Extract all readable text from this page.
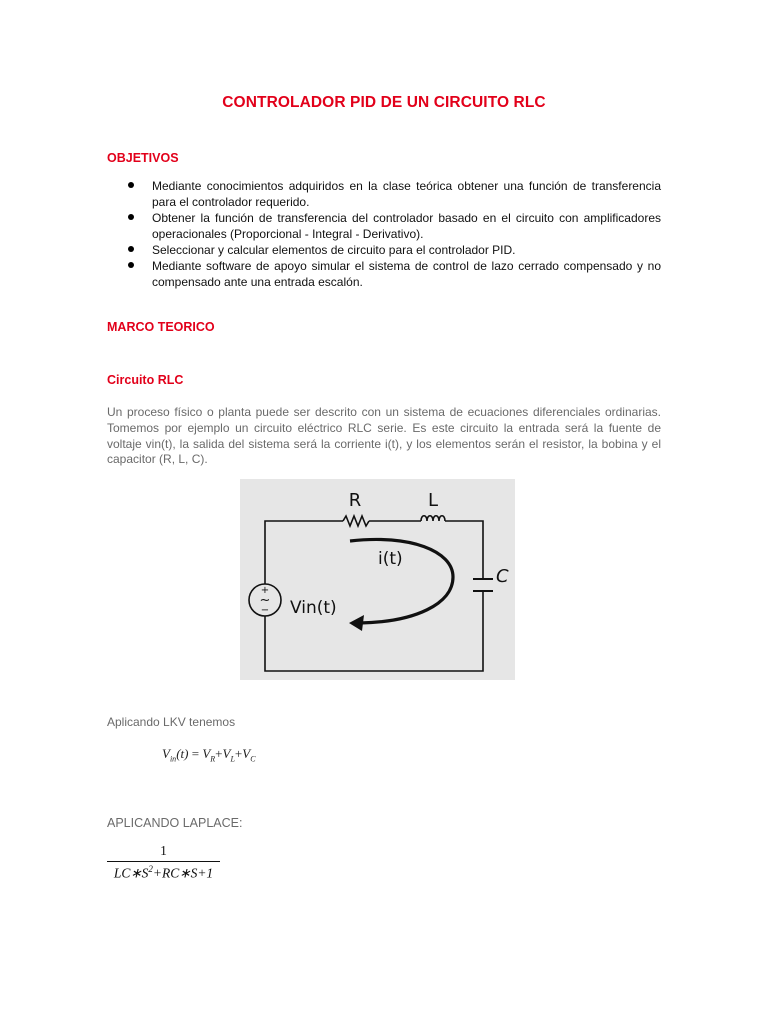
CONTROLADOR PID DE UN CIRCUITO RLC
OBJETIVOS
Mediante conocimientos adquiridos en la clase teórica obtener una función de transferencia para el controlador requerido.
Obtener la función de transferencia del controlador basado en el circuito con amplificadores operacionales (Proporcional - Integral - Derivativo).
Seleccionar y calcular elementos de circuito para el controlador PID.
Mediante software de apoyo simular el sistema de control de lazo cerrado compensado y no compensado ante una entrada escalón.
MARCO TEORICO
Circuito RLC
Un proceso físico o planta puede ser descrito con un sistema de ecuaciones diferenciales ordinarias. Tomemos por ejemplo un circuito eléctrico RLC serie. Es este circuito la entrada será la fuente de voltaje vin(t), la salida del sistema será la corriente i(t), y los elementos serán el resistor, la bobina y el capacitor (R, L, C).
+
~
−
R	L
C
i(t)
Vin(t)
Aplicando LKV tenemos
$V_{in}(t) = V_R+V_L+V_C$
APLICANDO LAPLACE:
1
$LC∗S^2+RC∗S+1$
